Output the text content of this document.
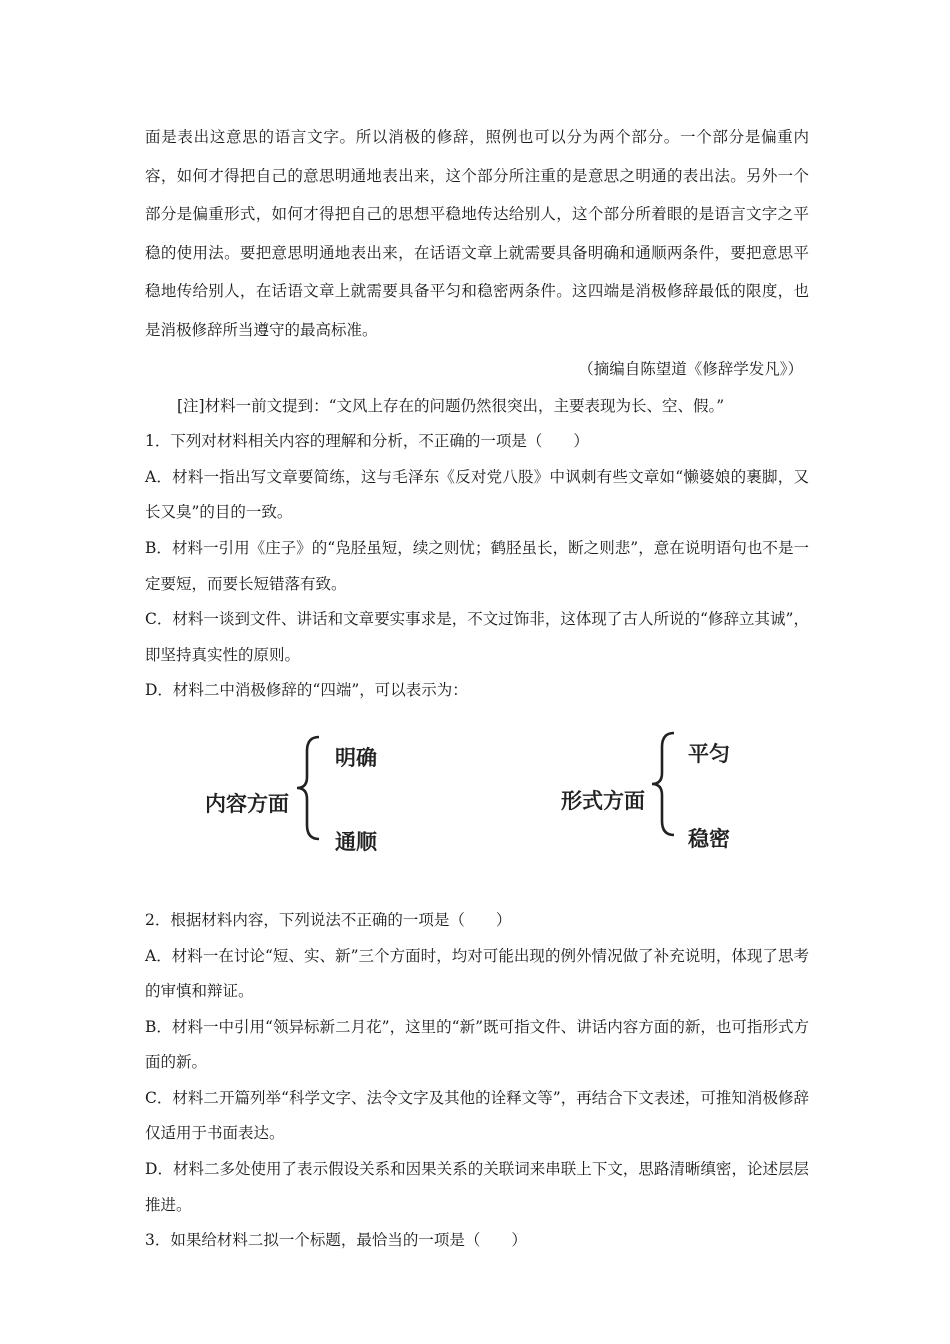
面是表出这意思的语言文字。所以消极的修辞，照例也可以分为两个部分。一个部分是偏重内容，如何才得把自己的意思明通地表出来，这个部分所注重的是意思之明通的表出法。另外一个部分是偏重形式，如何才得把自己的思想平稳地传达给别人，这个部分所着眼的是语言文字之平稳的使用法。要把意思明通地表出来，在话语文章上就需要具备明确和通顺两条件，要把意思平稳地传给别人，在话语文章上就需要具备平匀和稳密两条件。这四端是消极修辞最低的限度，也是消极修辞所当遵守的最高标准。

（摘编自陈望道《修辞学发凡》）

[注]材料一前文提到：“文风上存在的问题仍然很突出，主要表现为长、空、假。”

1．下列对材料相关内容的理解和分析，不正确的一项是（　　）

A．材料一指出写文章要简练，这与毛泽东《反对党八股》中讽刺有些文章如“懒婆娘的裹脚，又长又臭”的目的一致。

B．材料一引用《庄子》的“凫胫虽短，续之则忧；鹤胫虽长，断之则悲”，意在说明语句也不是一定要短，而要长短错落有致。

C．材料一谈到文件、讲话和文章要实事求是，不文过饰非，这体现了古人所说的“修辞立其诚”，即坚持真实性的原则。

D．材料二中消极修辞的“四端”，可以表示为：

内容方面
明确
通顺
形式方面
平匀
稳密

2．根据材料内容，下列说法不正确的一项是（　　）

A．材料一在讨论“短、实、新”三个方面时，均对可能出现的例外情况做了补充说明，体现了思考的审慎和辩证。

B．材料一中引用“领异标新二月花”，这里的“新”既可指文件、讲话内容方面的新，也可指形式方面的新。

C．材料二开篇列举“科学文字、法令文字及其他的诠释文等”，再结合下文表述，可推知消极修辞仅适用于书面表达。

D．材料二多处使用了表示假设关系和因果关系的关联词来串联上下文，思路清晰缜密，论述层层推进。

3．如果给材料二拟一个标题，最恰当的一项是（　　）
